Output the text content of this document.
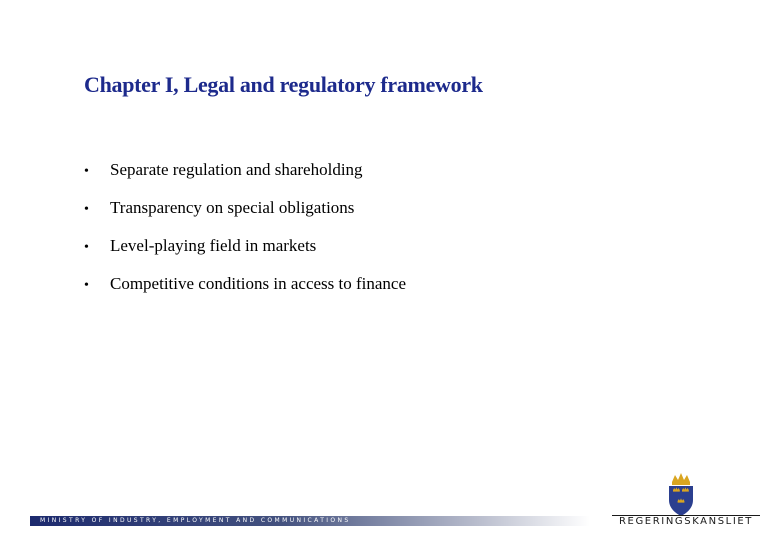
Chapter I, Legal and regulatory framework
•	Separate regulation and shareholding
•	Transparency on special obligations
•	Level-playing field in markets
•	Competitive conditions in access to finance
MINISTRY OF INDUSTRY, EMPLOYMENT AND COMMUNICATIONS	REGERINGSKANSLIET
